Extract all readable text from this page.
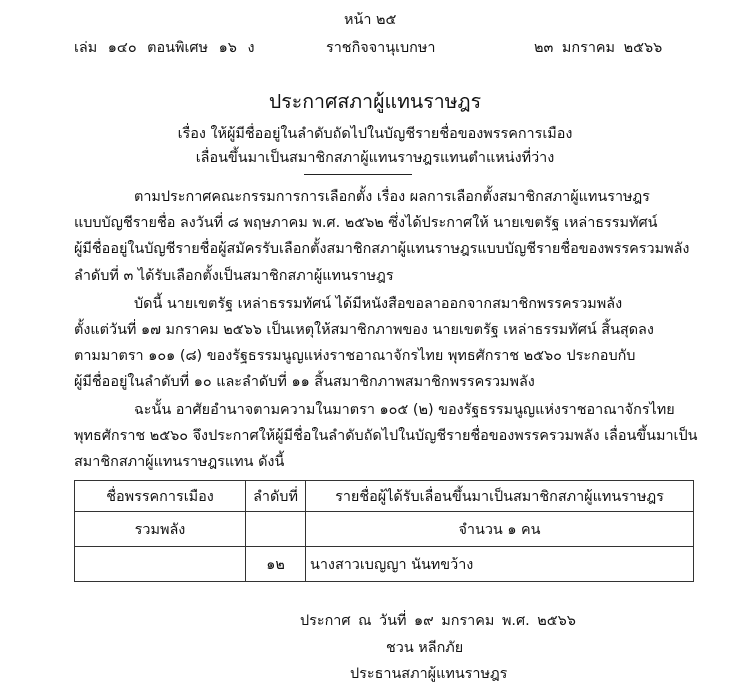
หน้า ๒๕
เล่ม ๑๔๐ ตอนพิเศษ ๑๖ ง	ราชกิจจานุเบกษา	๒๓ มกราคม ๒๕๖๖
ประกาศสภาผู้แทนราษฎร
เรื่อง ให้ผู้มีชื่ออยู่ในลำดับถัดไปในบัญชีรายชื่อของพรรคการเมือง
เลื่อนขึ้นมาเป็นสมาชิกสภาผู้แทนราษฎรแทนตำแหน่งที่ว่าง
ตามประกาศคณะกรรมการการเลือกตั้ง เรื่อง ผลการเลือกตั้งสมาชิกสภาผู้แทนราษฎร
แบบบัญชีรายชื่อ ลงวันที่ ๘ พฤษภาคม พ.ศ. ๒๕๖๒ ซึ่งได้ประกาศให้ นายเขตรัฐ เหล่าธรรมทัศน์
ผู้มีชื่ออยู่ในบัญชีรายชื่อผู้สมัครรับเลือกตั้งสมาชิกสภาผู้แทนราษฎรแบบบัญชีรายชื่อของพรรครวมพลัง
ลำดับที่ ๓ ได้รับเลือกตั้งเป็นสมาชิกสภาผู้แทนราษฎร
บัดนี้ นายเขตรัฐ เหล่าธรรมทัศน์ ได้มีหนังสือขอลาออกจากสมาชิกพรรครวมพลัง
ตั้งแต่วันที่ ๑๗ มกราคม ๒๕๖๖ เป็นเหตุให้สมาชิกภาพของ นายเขตรัฐ เหล่าธรรมทัศน์ สิ้นสุดลง
ตามมาตรา ๑๐๑ (๘) ของรัฐธรรมนูญแห่งราชอาณาจักรไทย พุทธศักราช ๒๕๖๐ ประกอบกับ
ผู้มีชื่ออยู่ในลำดับที่ ๑๐ และลำดับที่ ๑๑ สิ้นสมาชิกภาพสมาชิกพรรครวมพลัง
ฉะนั้น อาศัยอำนาจตามความในมาตรา ๑๐๕ (๒) ของรัฐธรรมนูญแห่งราชอาณาจักรไทย
พุทธศักราช ๒๕๖๐ จึงประกาศให้ผู้มีชื่อในลำดับถัดไปในบัญชีรายชื่อของพรรครวมพลัง เลื่อนขึ้นมาเป็น
สมาชิกสภาผู้แทนราษฎรแทน ดังนี้
ชื่อพรรคการเมือง	ลำดับที่	รายชื่อผู้ได้รับเลื่อนขึ้นมาเป็นสมาชิกสภาผู้แทนราษฎร
รวมพลัง		จำนวน ๑ คน
	๑๒	นางสาวเบญญา นันทขว้าง
ประกาศ ณ วันที่ ๑๙ มกราคม พ.ศ. ๒๕๖๖
ชวน หลีกภัย
ประธานสภาผู้แทนราษฎร
